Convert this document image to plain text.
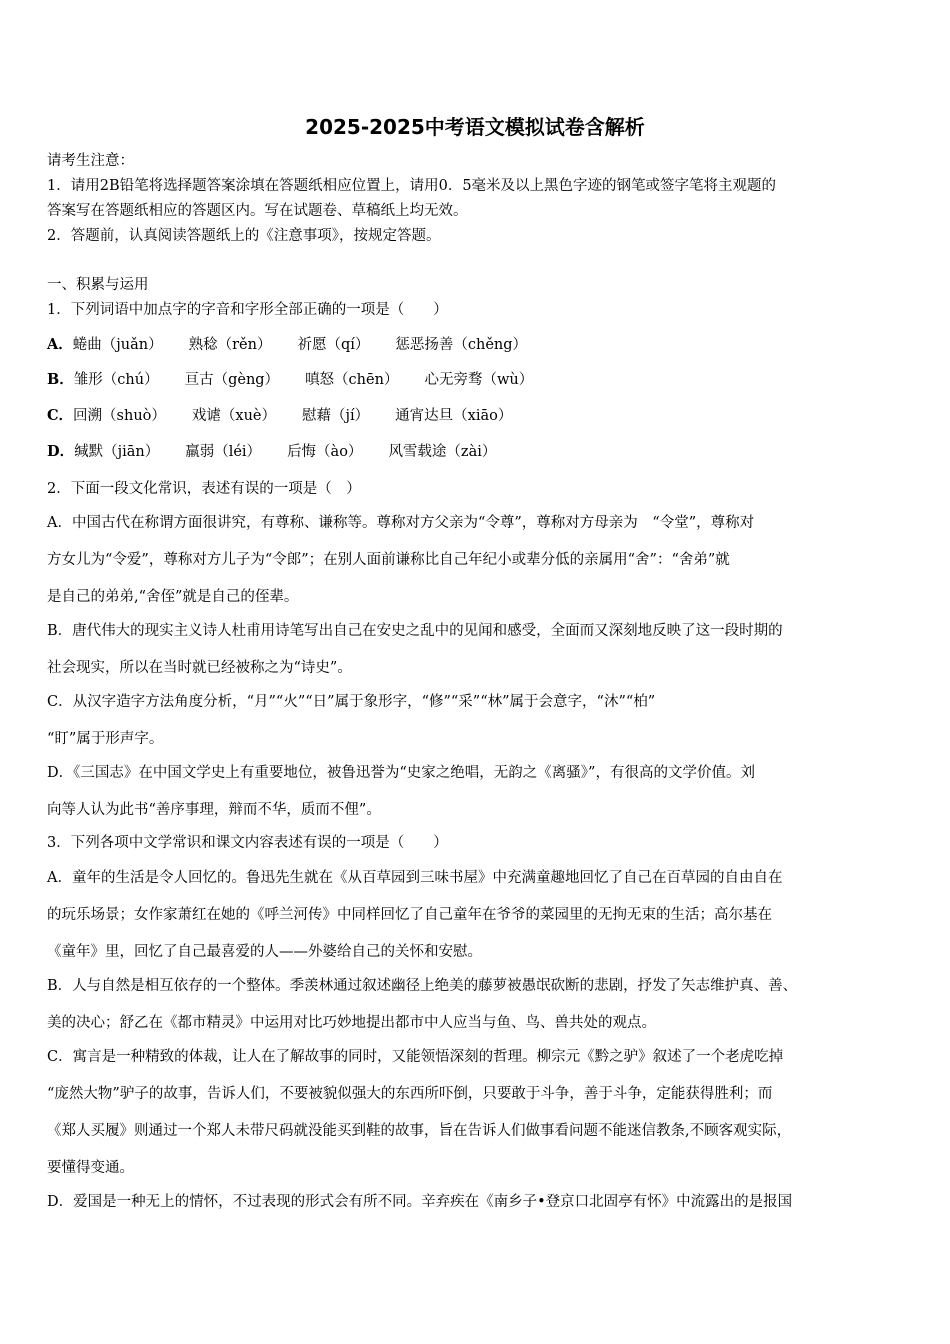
2025-2025中考语文模拟试卷含解析
请考生注意：
1．请用2B铅笔将选择题答案涂填在答题纸相应位置上，请用0．5毫米及以上黑色字迹的钢笔或签字笔将主观题的
答案写在答题纸相应的答题区内。写在试题卷、草稿纸上均无效。
2．答题前，认真阅读答题纸上的《注意事项》，按规定答题。
一、积累与运用
1．下列词语中加点字的字音和字形全部正确的一项是（　　）
A．蜷曲（juǎn） 熟稔（rěn） 祈愿（qí） 惩恶扬善（chěng）
B．雏形（chú） 亘古（gèng） 嗔怒（chēn） 心无旁骛（wù）
C．回溯（shuò） 戏谑（xuè） 慰藉（jí） 通宵达旦（xiāo）
D．缄默（jiān） 羸弱（léi） 后悔（ào） 风雪载途（zài）
2．下面一段文化常识，表述有误的一项是（　）
A．中国古代在称谓方面很讲究，有尊称、谦称等。尊称对方父亲为“令尊”，尊称对方母亲为　“令堂”，尊称对
方女儿为“令爱”，尊称对方儿子为“令郎”；在别人面前谦称比自己年纪小或辈分低的亲属用“舍”：“舍弟”就
是自己的弟弟,“舍侄”就是自己的侄辈。
B．唐代伟大的现实主义诗人杜甫用诗笔写出自己在安史之乱中的见闻和感受，全面而又深刻地反映了这一段时期的
社会现实，所以在当时就已经被称之为“诗史”。
C．从汉字造字方法角度分析，“月”“火”“日”属于象形字，“修”“采”“林”属于会意字，“沐”“柏”
“盯”属于形声字。
D．《三国志》在中国文学史上有重要地位，被鲁迅誉为“史家之绝唱，无韵之《离骚》”，有很高的文学价值。刘
向等人认为此书“善序事理，辩而不华，质而不俚”。
3．下列各项中文学常识和课文内容表述有误的一项是（　　）
A．童年的生活是令人回忆的。鲁迅先生就在《从百草园到三味书屋》中充满童趣地回忆了自己在百草园的自由自在
的玩乐场景；女作家萧红在她的《呼兰河传》中同样回忆了自己童年在爷爷的菜园里的无拘无束的生活；高尔基在
《童年》里，回忆了自己最喜爱的人——外婆给自己的关怀和安慰。
B．人与自然是相互依存的一个整体。季羡林通过叙述幽径上绝美的藤萝被愚氓砍断的悲剧，抒发了矢志维护真、善、
美的决心；舒乙在《都市精灵》中运用对比巧妙地提出都市中人应当与鱼、鸟、兽共处的观点。
C．寓言是一种精致的体裁，让人在了解故事的同时，又能领悟深刻的哲理。柳宗元《黔之驴》叙述了一个老虎吃掉
“庞然大物”驴子的故事，告诉人们，不要被貌似强大的东西所吓倒，只要敢于斗争，善于斗争，定能获得胜利；而
《郑人买履》则通过一个郑人未带尺码就没能买到鞋的故事，旨在告诉人们做事看问题不能迷信教条,不顾客观实际，
要懂得变通。
D．爱国是一种无上的情怀，不过表现的形式会有所不同。辛弃疾在《南乡子•登京口北固亭有怀》中流露出的是报国
